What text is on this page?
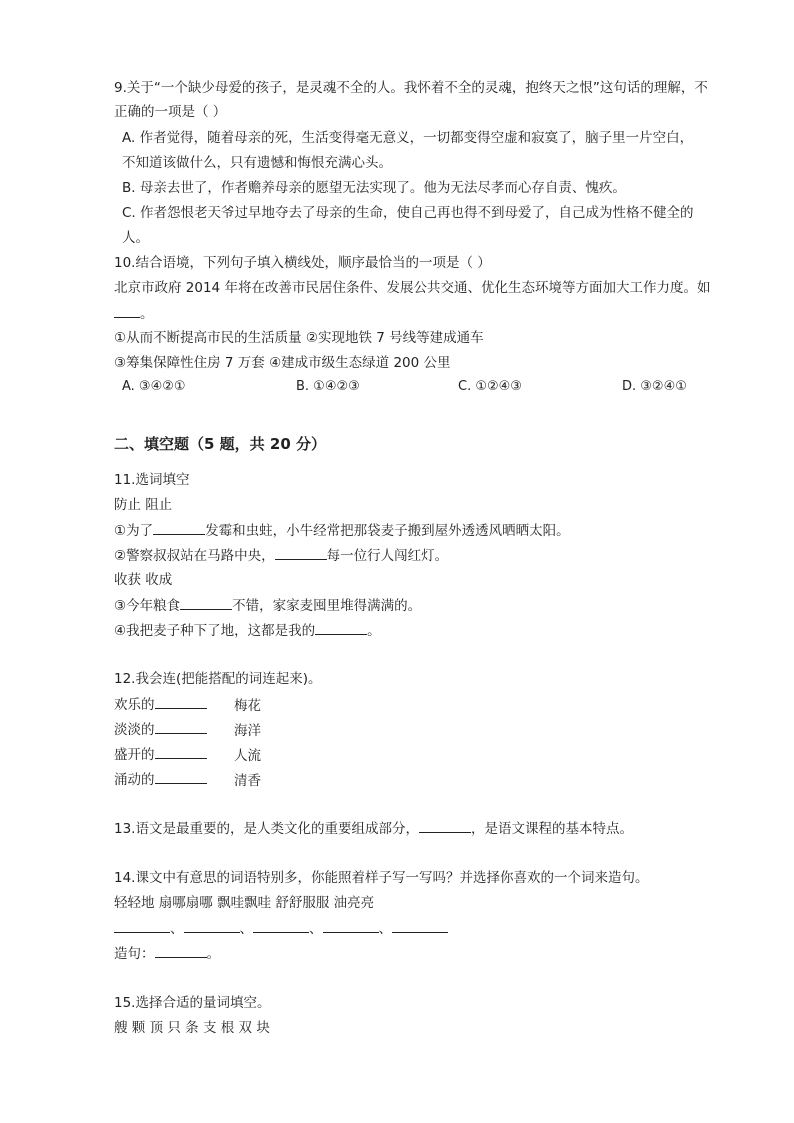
9.关于“一个缺少母爱的孩子，是灵魂不全的人。我怀着不全的灵魂，抱终天之恨”这句话的理解，不
正确的一项是（ ）
A. 作者觉得，随着母亲的死，生活变得毫无意义，一切都变得空虚和寂寞了，脑子里一片空白，
不知道该做什么，只有遗憾和悔恨充满心头。
B. 母亲去世了，作者赡养母亲的愿望无法实现了。他为无法尽孝而心存自责、愧疚。
C. 作者怨恨老天爷过早地夺去了母亲的生命，使自己再也得不到母爱了，自己成为性格不健全的
人。
10.结合语境，下列句子填入横线处，顺序最恰当的一项是（ ）
北京市政府 2014 年将在改善市民居住条件、发展公共交通、优化生态环境等方面加大工作力度。如
。
①从而不断提高市民的生活质量 ②实现地铁 7 号线等建成通车
③筹集保障性住房 7 万套 ④建成市级生态绿道 200 公里
A. ③④②①	B. ①④②③	C. ①②④③	D. ③②④①
二、填空题（5 题，共 20 分）
11.选词填空
防止 阻止
①为了	发霉和虫蛀，小牛经常把那袋麦子搬到屋外透透风晒晒太阳。
②警察叔叔站在马路中央，	每一位行人闯红灯。
收获 收成
③今年粮食	不错，家家麦囤里堆得满满的。
④我把麦子种下了地，这都是我的	。
12.我会连(把能搭配的词连起来)。
欢乐的	梅花
淡淡的	海洋
盛开的	人流
涌动的	清香
13.语文是最重要的，是人类文化的重要组成部分，	，是语文课程的基本特点。
14.课文中有意思的词语特别多，你能照着样子写一写吗？并选择你喜欢的一个词来造句。
轻轻地 扇哪扇哪 飘哇飘哇 舒舒服服 油亮亮
、	、	、	、
造句：	。
15.选择合适的量词填空。
艘 颗 顶 只 条 支 根 双 块
